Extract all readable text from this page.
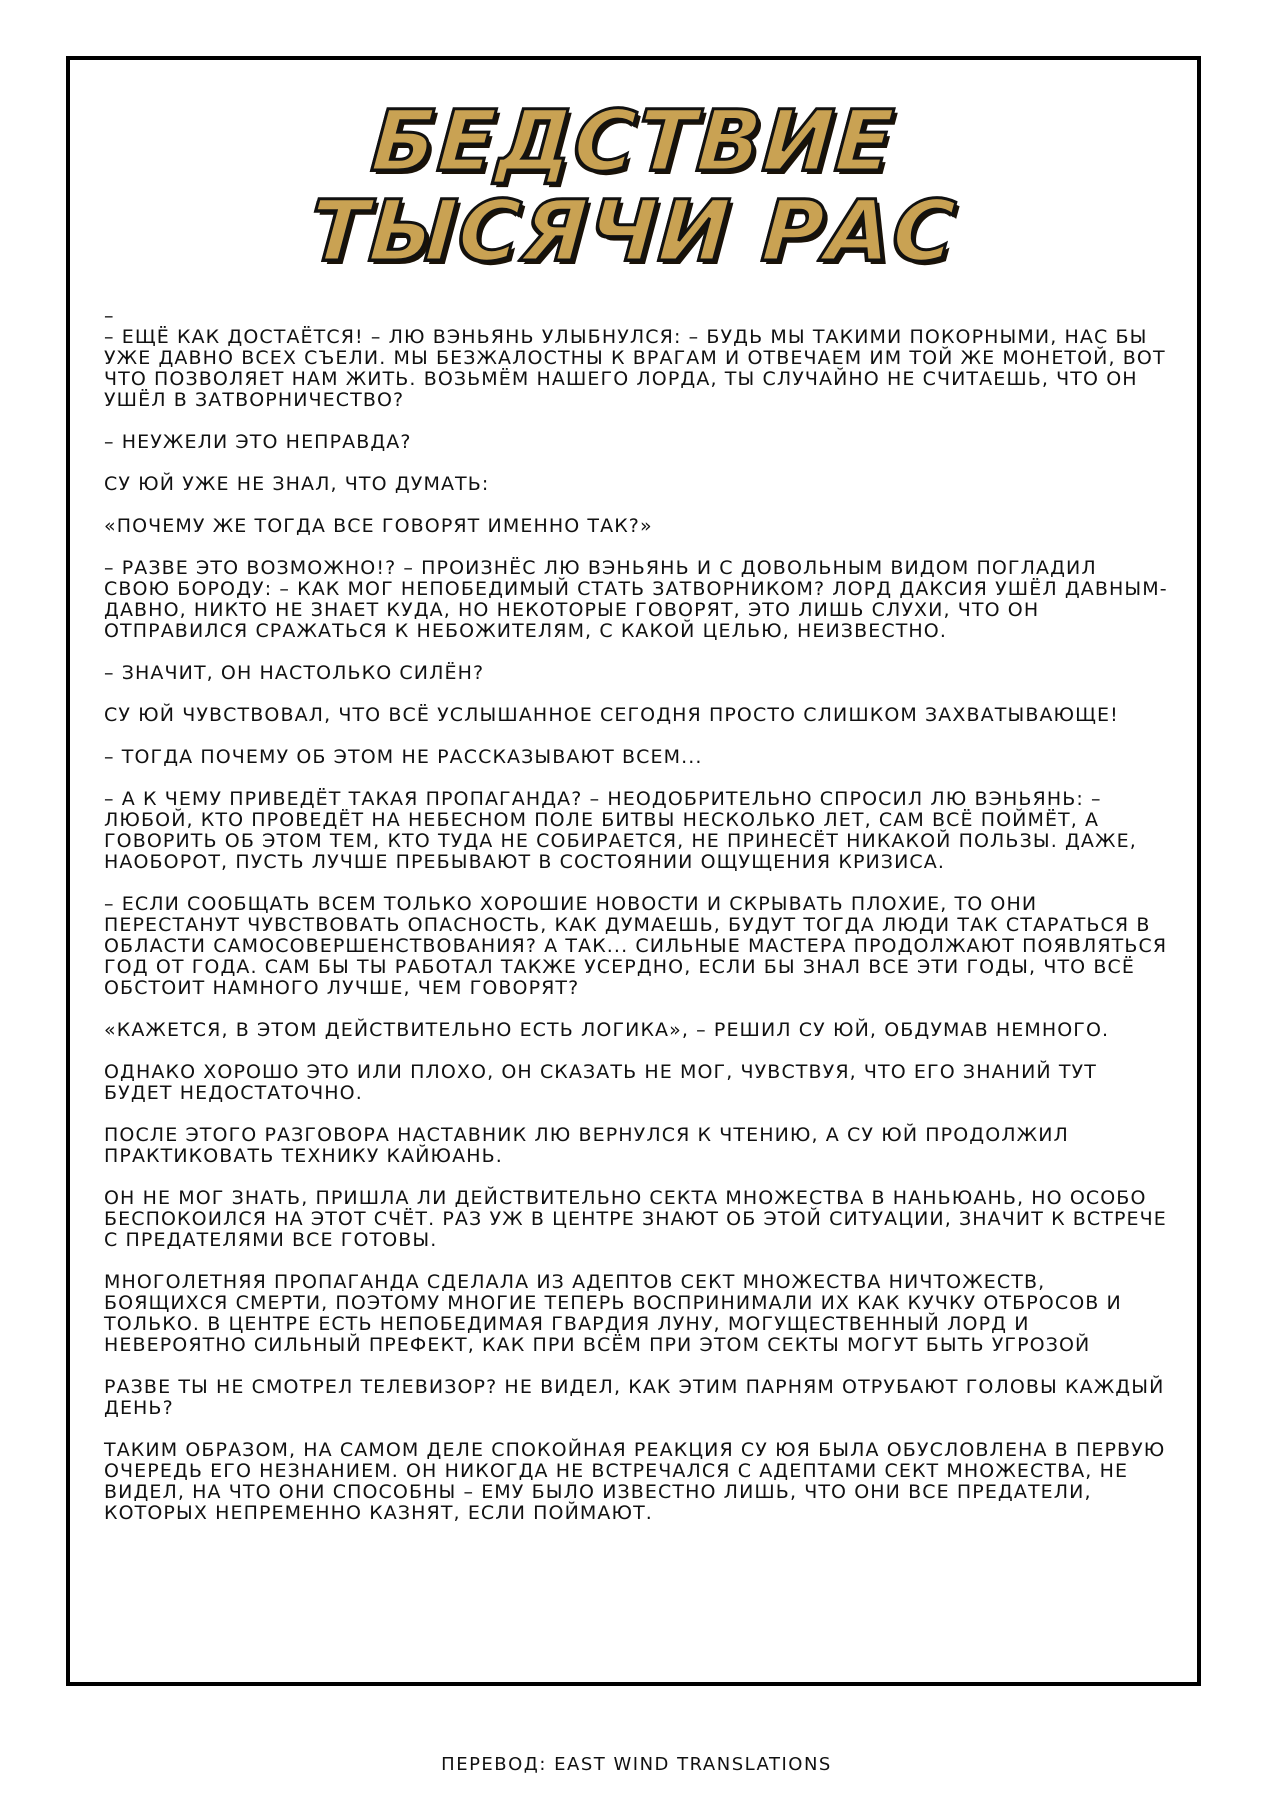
БЕДСТВИЕ
ТЫСЯЧИ РАС

–

– ЕЩЁ КАК ДОСТАЁТСЯ! – ЛЮ ВЭНЬЯНЬ УЛЫБНУЛСЯ: – БУДЬ МЫ ТАКИМИ ПОКОРНЫМИ, НАС БЫ УЖЕ ДАВНО ВСЕХ СЪЕЛИ. МЫ БЕЗЖАЛОСТНЫ К ВРАГАМ И ОТВЕЧАЕМ ИМ ТОЙ ЖЕ МОНЕТОЙ, ВОТ ЧТО ПОЗВОЛЯЕТ НАМ ЖИТЬ. ВОЗЬМЁМ НАШЕГО ЛОРДА, ТЫ СЛУЧАЙНО НЕ СЧИТАЕШЬ, ЧТО ОН УШЁЛ В ЗАТВОРНИЧЕСТВО?

– НЕУЖЕЛИ ЭТО НЕПРАВДА?

СУ ЮЙ УЖЕ НЕ ЗНАЛ, ЧТО ДУМАТЬ:

«ПОЧЕМУ ЖЕ ТОГДА ВСЕ ГОВОРЯТ ИМЕННО ТАК?»

– РАЗВЕ ЭТО ВОЗМОЖНО!? – ПРОИЗНЁС ЛЮ ВЭНЬЯНЬ И С ДОВОЛЬНЫМ ВИДОМ ПОГЛАДИЛ СВОЮ БОРОДУ: – КАК МОГ НЕПОБЕДИМЫЙ СТАТЬ ЗАТВОРНИКОМ? ЛОРД ДАКСИЯ УШЁЛ ДАВНЫМ-ДАВНО, НИКТО НЕ ЗНАЕТ КУДА, НО НЕКОТОРЫЕ ГОВОРЯТ, ЭТО ЛИШЬ СЛУХИ, ЧТО ОН ОТПРАВИЛСЯ СРАЖАТЬСЯ К НЕБОЖИТЕЛЯМ, С КАКОЙ ЦЕЛЬЮ, НЕИЗВЕСТНО.

– ЗНАЧИТ, ОН НАСТОЛЬКО СИЛЁН?

СУ ЮЙ ЧУВСТВОВАЛ, ЧТО ВСЁ УСЛЫШАННОЕ СЕГОДНЯ ПРОСТО СЛИШКОМ ЗАХВАТЫВАЮЩЕ!

– ТОГДА ПОЧЕМУ ОБ ЭТОМ НЕ РАССКАЗЫВАЮТ ВСЕМ...

– А К ЧЕМУ ПРИВЕДЁТ ТАКАЯ ПРОПАГАНДА? – НЕОДОБРИТЕЛЬНО СПРОСИЛ ЛЮ ВЭНЬЯНЬ: – ЛЮБОЙ, КТО ПРОВЕДЁТ НА НЕБЕСНОМ ПОЛЕ БИТВЫ НЕСКОЛЬКО ЛЕТ, САМ ВСЁ ПОЙМЁТ, А ГОВОРИТЬ ОБ ЭТОМ ТЕМ, КТО ТУДА НЕ СОБИРАЕТСЯ, НЕ ПРИНЕСЁТ НИКАКОЙ ПОЛЬЗЫ. ДАЖЕ, НАОБОРОТ, ПУСТЬ ЛУЧШЕ ПРЕБЫВАЮТ В СОСТОЯНИИ ОЩУЩЕНИЯ КРИЗИСА.

– ЕСЛИ СООБЩАТЬ ВСЕМ ТОЛЬКО ХОРОШИЕ НОВОСТИ И СКРЫВАТЬ ПЛОХИЕ, ТО ОНИ ПЕРЕСТАНУТ ЧУВСТВОВАТЬ ОПАСНОСТЬ, КАК ДУМАЕШЬ, БУДУТ ТОГДА ЛЮДИ ТАК СТАРАТЬСЯ В ОБЛАСТИ САМОСОВЕРШЕНСТВОВАНИЯ? А ТАК... СИЛЬНЫЕ МАСТЕРА ПРОДОЛЖАЮТ ПОЯВЛЯТЬСЯ ГОД ОТ ГОДА. САМ БЫ ТЫ РАБОТАЛ ТАКЖЕ УСЕРДНО, ЕСЛИ БЫ ЗНАЛ ВСЕ ЭТИ ГОДЫ, ЧТО ВСЁ ОБСТОИТ НАМНОГО ЛУЧШЕ, ЧЕМ ГОВОРЯТ?

«КАЖЕТСЯ, В ЭТОМ ДЕЙСТВИТЕЛЬНО ЕСТЬ ЛОГИКА», – РЕШИЛ СУ ЮЙ, ОБДУМАВ НЕМНОГО.

ОДНАКО ХОРОШО ЭТО ИЛИ ПЛОХО, ОН СКАЗАТЬ НЕ МОГ, ЧУВСТВУЯ, ЧТО ЕГО ЗНАНИЙ ТУТ БУДЕТ НЕДОСТАТОЧНО.

ПОСЛЕ ЭТОГО РАЗГОВОРА НАСТАВНИК ЛЮ ВЕРНУЛСЯ К ЧТЕНИЮ, А СУ ЮЙ ПРОДОЛЖИЛ ПРАКТИКОВАТЬ ТЕХНИКУ КАЙЮАНЬ.

ОН НЕ МОГ ЗНАТЬ, ПРИШЛА ЛИ ДЕЙСТВИТЕЛЬНО СЕКТА МНОЖЕСТВА В НАНЬЮАНЬ, НО ОСОБО БЕСПОКОИЛСЯ НА ЭТОТ СЧЁТ. РАЗ УЖ В ЦЕНТРЕ ЗНАЮТ ОБ ЭТОЙ СИТУАЦИИ, ЗНАЧИТ К ВСТРЕЧЕ С ПРЕДАТЕЛЯМИ ВСЕ ГОТОВЫ.

МНОГОЛЕТНЯЯ ПРОПАГАНДА СДЕЛАЛА ИЗ АДЕПТОВ СЕКТ МНОЖЕСТВА НИЧТОЖЕСТВ, БОЯЩИХСЯ СМЕРТИ, ПОЭТОМУ МНОГИЕ ТЕПЕРЬ ВОСПРИНИМАЛИ ИХ КАК КУЧКУ ОТБРОСОВ И ТОЛЬКО. В ЦЕНТРЕ ЕСТЬ НЕПОБЕДИМАЯ ГВАРДИЯ ЛУНУ, МОГУЩЕСТВЕННЫЙ ЛОРД И НЕВЕРОЯТНО СИЛЬНЫЙ ПРЕФЕКТ, КАК ПРИ ВСЁМ ПРИ ЭТОМ СЕКТЫ МОГУТ БЫТЬ УГРОЗОЙ

РАЗВЕ ТЫ НЕ СМОТРЕЛ ТЕЛЕВИЗОР? НЕ ВИДЕЛ, КАК ЭТИМ ПАРНЯМ ОТРУБАЮТ ГОЛОВЫ КАЖДЫЙ ДЕНЬ?

ТАКИМ ОБРАЗОМ, НА САМОМ ДЕЛЕ СПОКОЙНАЯ РЕАКЦИЯ СУ ЮЯ БЫЛА ОБУСЛОВЛЕНА В ПЕРВУЮ ОЧЕРЕДЬ ЕГО НЕЗНАНИЕМ. ОН НИКОГДА НЕ ВСТРЕЧАЛСЯ С АДЕПТАМИ СЕКТ МНОЖЕСТВА, НЕ ВИДЕЛ, НА ЧТО ОНИ СПОСОБНЫ – ЕМУ БЫЛО ИЗВЕСТНО ЛИШЬ, ЧТО ОНИ ВСЕ ПРЕДАТЕЛИ, КОТОРЫХ НЕПРЕМЕННО КАЗНЯТ, ЕСЛИ ПОЙМАЮТ.

ПЕРЕВОД: EAST WIND TRANSLATIONS
